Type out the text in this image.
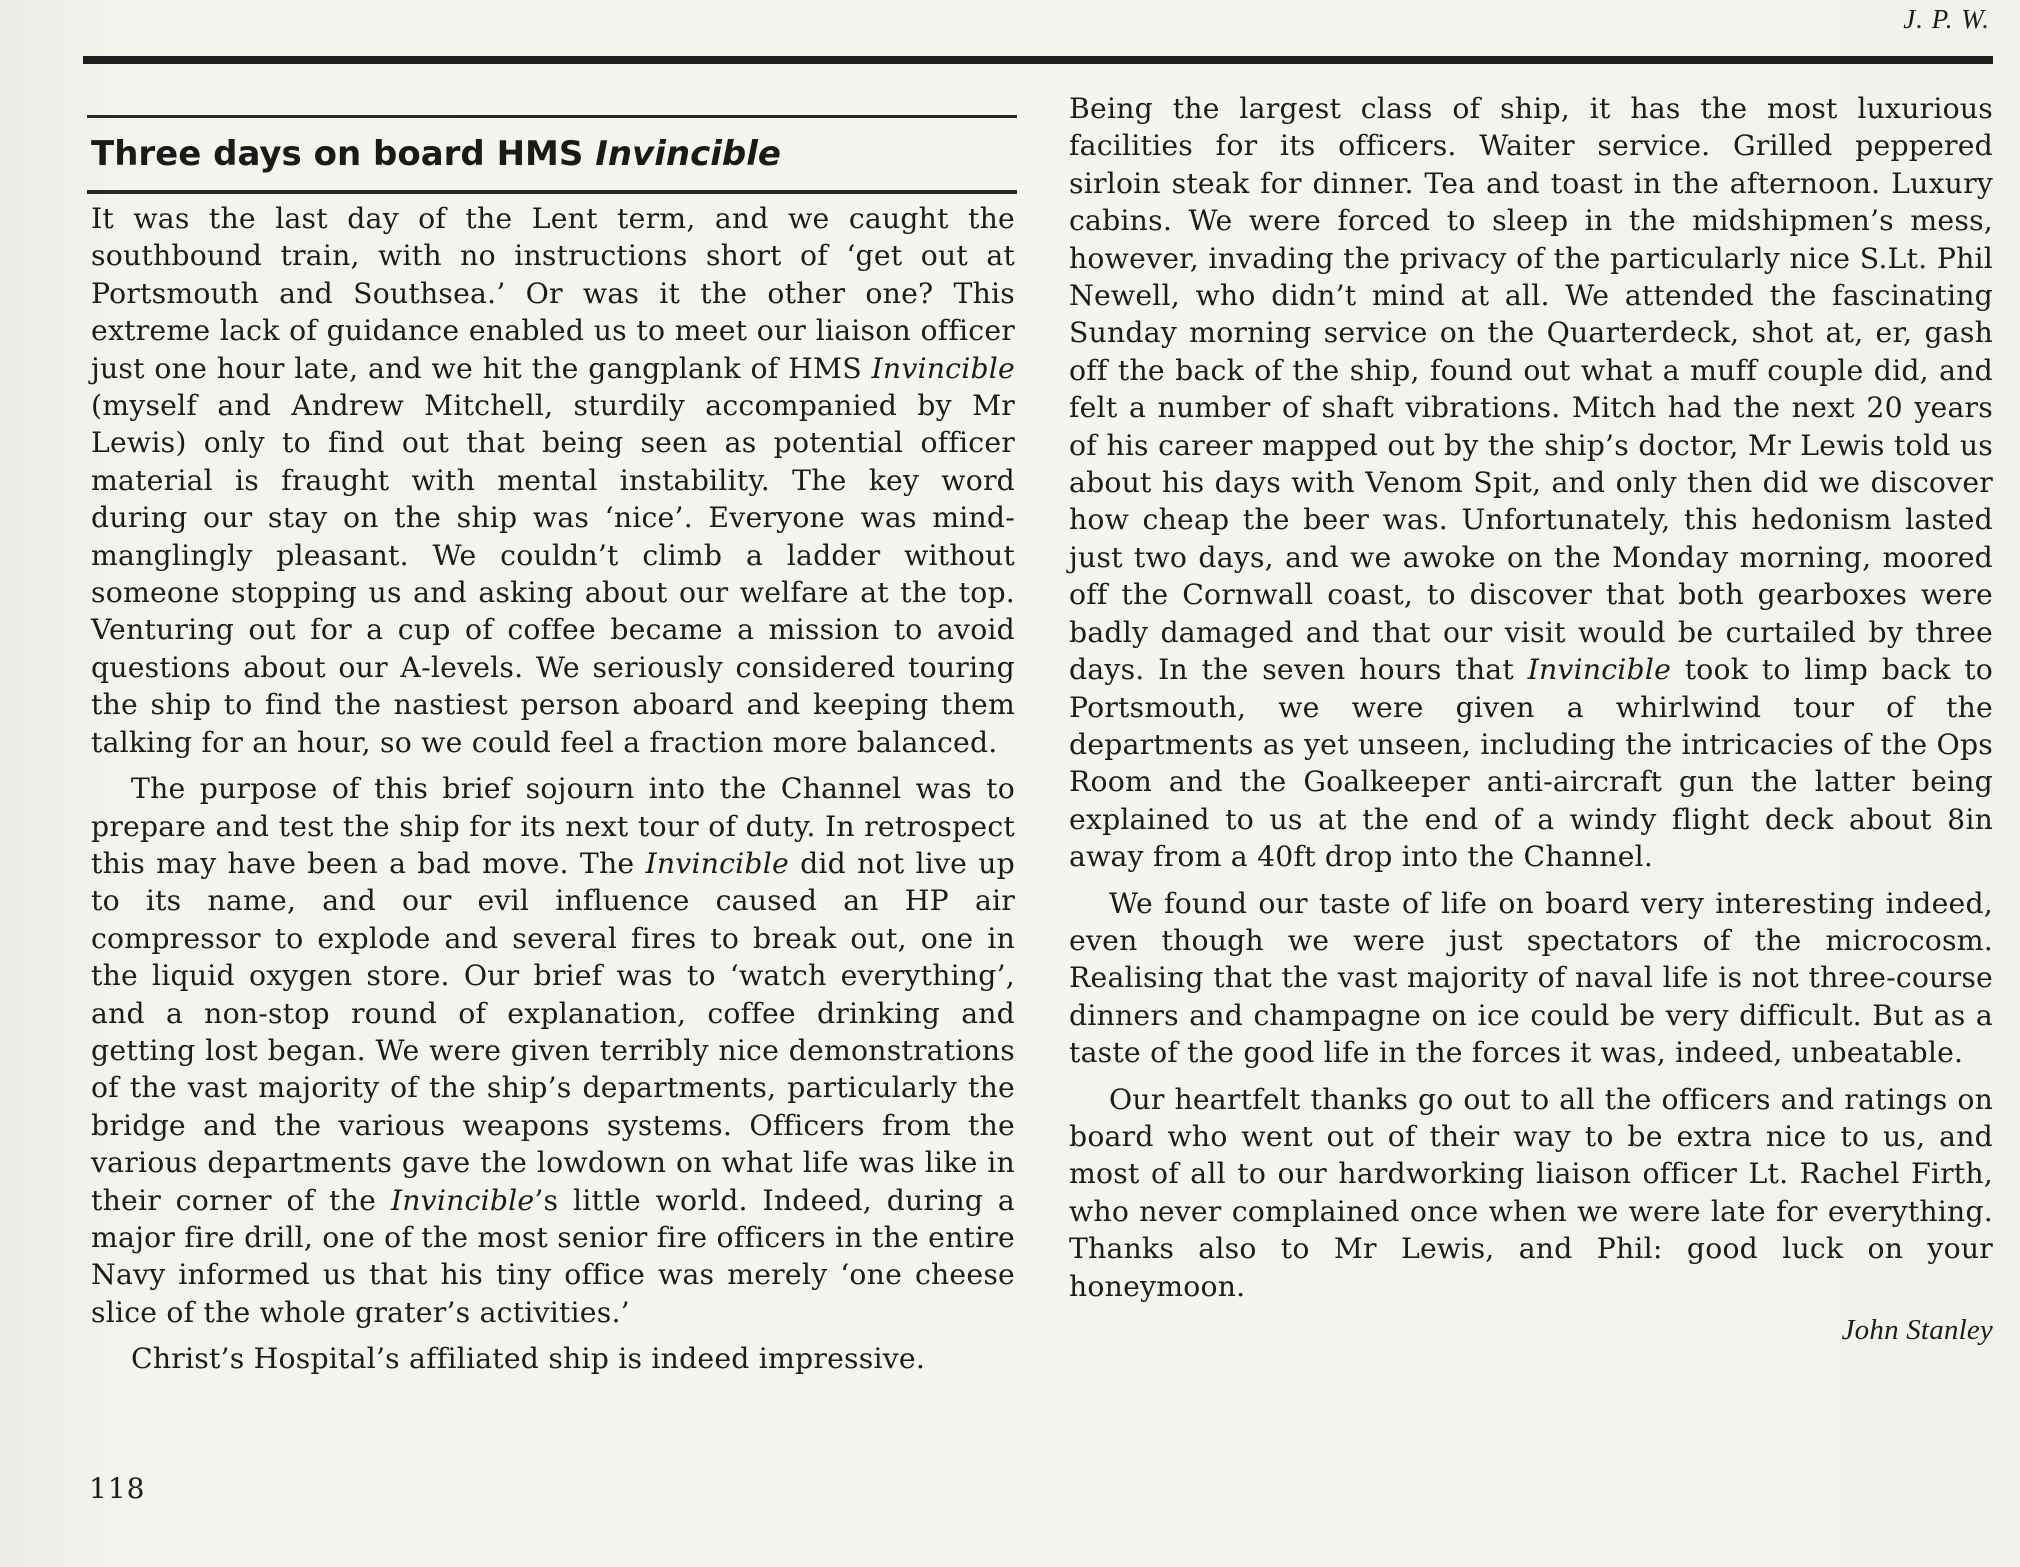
J. P. W.
Three days on board HMS Invincible

It was the last day of the Lent term, and we caught the southbound train, with no instructions short of ‘get out at Portsmouth and Southsea.’ Or was it the other one? This extreme lack of guidance enabled us to meet our liaison officer just one hour late, and we hit the gangplank of HMS Invincible (myself and Andrew Mitchell, sturdily accompanied by Mr Lewis) only to find out that being seen as potential officer material is fraught with mental instability. The key word during our stay on the ship was ‘nice’. Everyone was mind-manglingly pleasant. We couldn’t climb a ladder without someone stopping us and asking about our welfare at the top. Venturing out for a cup of coffee became a mission to avoid questions about our A-levels. We seriously considered touring the ship to find the nastiest person aboard and keeping them talking for an hour, so we could feel a fraction more balanced.

The purpose of this brief sojourn into the Channel was to prepare and test the ship for its next tour of duty. In retrospect this may have been a bad move. The Invincible did not live up to its name, and our evil influence caused an HP air compressor to explode and several fires to break out, one in the liquid oxygen store. Our brief was to ‘watch everything’, and a non-stop round of explanation, coffee drinking and getting lost began. We were given terribly nice demonstrations of the vast majority of the ship’s departments, particularly the bridge and the various weapons systems. Officers from the various departments gave the lowdown on what life was like in their corner of the Invincible’s little world. Indeed, during a major fire drill, one of the most senior fire officers in the entire Navy informed us that his tiny office was merely ‘one cheese slice of the whole grater’s activities.’

Christ’s Hospital’s affiliated ship is indeed impressive.

Being the largest class of ship, it has the most luxurious facilities for its officers. Waiter service. Grilled peppered sirloin steak for dinner. Tea and toast in the afternoon. Luxury cabins. We were forced to sleep in the midshipmen’s mess, however, invading the privacy of the particularly nice S.Lt. Phil Newell, who didn’t mind at all. We attended the fascinating Sunday morning service on the Quarterdeck, shot at, er, gash off the back of the ship, found out what a muff couple did, and felt a number of shaft vibrations. Mitch had the next 20 years of his career mapped out by the ship’s doctor, Mr Lewis told us about his days with Venom Spit, and only then did we discover how cheap the beer was. Unfortunately, this hedonism lasted just two days, and we awoke on the Monday morning, moored off the Cornwall coast, to discover that both gearboxes were badly damaged and that our visit would be curtailed by three days. In the seven hours that Invincible took to limp back to Portsmouth, we were given a whirlwind tour of the departments as yet unseen, including the intricacies of the Ops Room and the Goalkeeper anti-aircraft gun the latter being explained to us at the end of a windy flight deck about 8in away from a 40ft drop into the Channel.

We found our taste of life on board very interesting indeed, even though we were just spectators of the microcosm. Realising that the vast majority of naval life is not three-course dinners and champagne on ice could be very difficult. But as a taste of the good life in the forces it was, indeed, unbeatable.

Our heartfelt thanks go out to all the officers and ratings on board who went out of their way to be extra nice to us, and most of all to our hardworking liaison officer Lt. Rachel Firth, who never complained once when we were late for everything. Thanks also to Mr Lewis, and Phil: good luck on your honeymoon.

John Stanley
118
